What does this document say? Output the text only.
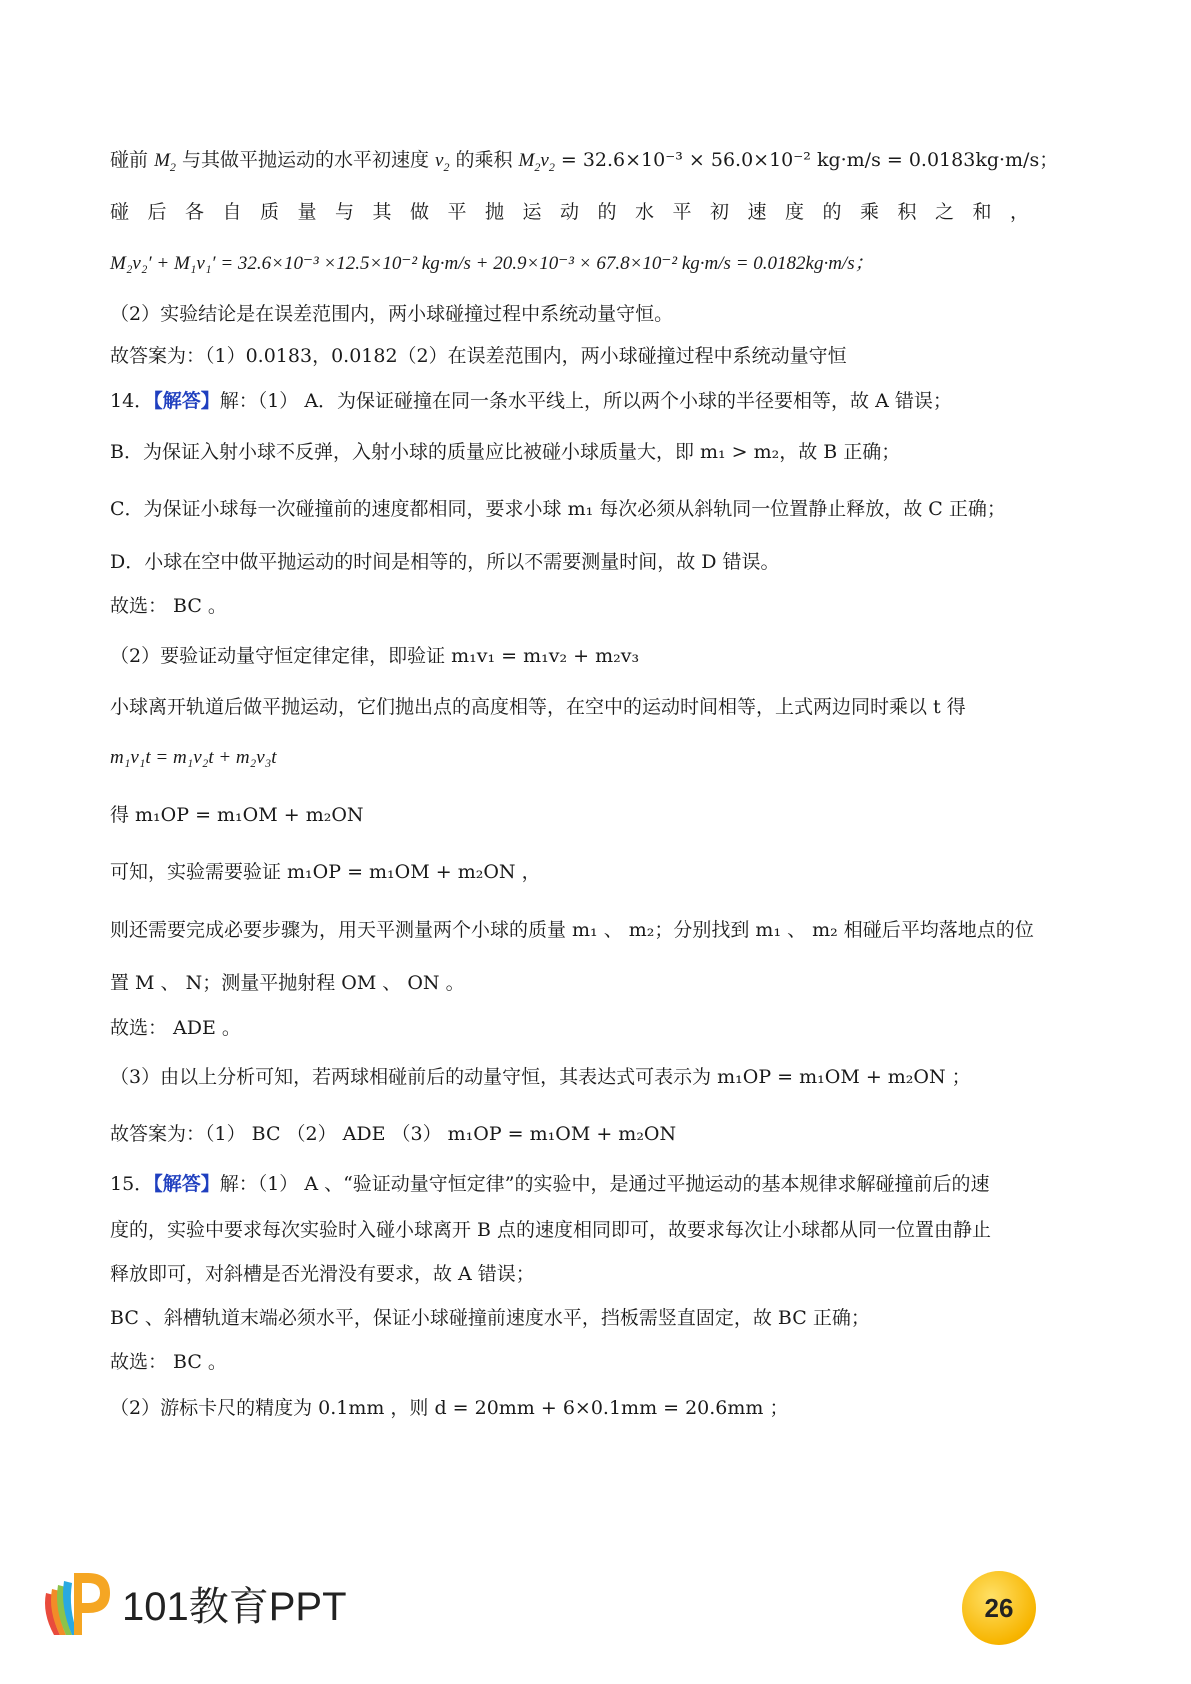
碰前 $M_2$ 与其做平抛运动的水平初速度 $v_2$ 的乘积 $M_2v_2 = 32.6\times 10^{-3} \times 56.0\times 10^{-2}$ kg·m/s = 0.0183kg·m/s；
碰后各自质量与其做平抛运动的水平初速度的乘积之和，
M₂v₂′ + M₁v₁′ = 32.6×10⁻³ ×12.5×10⁻² kg·m/s + 20.9×10⁻³ × 67.8×10⁻² kg·m/s = 0.0182kg·m/s；
（2）实验结论是在误差范围内，两小球碰撞过程中系统动量守恒。
故答案为：（1）0.0183，0.0182（2）在误差范围内，两小球碰撞过程中系统动量守恒
14．【解答】解：（1） A．为保证碰撞在同一条水平线上，所以两个小球的半径要相等，故 A 错误；
B．为保证入射小球不反弹，入射小球的质量应比被碰小球质量大，即 m₁ > m₂，故 B 正确；
C．为保证小球每一次碰撞前的速度都相同，要求小球 m₁ 每次必须从斜轨同一位置静止释放，故 C 正确；
D．小球在空中做平抛运动的时间是相等的，所以不需要测量时间，故 D 错误。
故选： BC 。
（2）要验证动量守恒定律定律，即验证 m₁v₁ = m₁v₂ + m₂v₃
小球离开轨道后做平抛运动，它们抛出点的高度相等，在空中的运动时间相等，上式两边同时乘以 t 得
m₁v₁t = m₁v₂t + m₂v₃t
得 m₁OP = m₁OM + m₂ON
可知，实验需要验证 m₁OP = m₁OM + m₂ON ，
则还需要完成必要步骤为，用天平测量两个小球的质量 m₁ 、 m₂；分别找到 m₁ 、 m₂ 相碰后平均落地点的位
置 M 、 N；测量平抛射程 OM 、 ON 。
故选： ADE 。
（3）由以上分析可知，若两球相碰前后的动量守恒，其表达式可表示为 m₁OP = m₁OM + m₂ON ；
故答案为：（1） BC （2） ADE （3） m₁OP = m₁OM + m₂ON
15．【解答】解：（1） A 、“验证动量守恒定律”的实验中，是通过平抛运动的基本规律求解碰撞前后的速
度的，实验中要求每次实验时入碰小球离开 B 点的速度相同即可，故要求每次让小球都从同一位置由静止
释放即可，对斜槽是否光滑没有要求，故 A 错误；
BC 、斜槽轨道末端必须水平，保证小球碰撞前速度水平，挡板需竖直固定，故 BC 正确；
故选： BC 。
（2）游标卡尺的精度为 0.1mm ，则 d = 20mm + 6×0.1mm = 20.6mm ；
101教育PPT	26
